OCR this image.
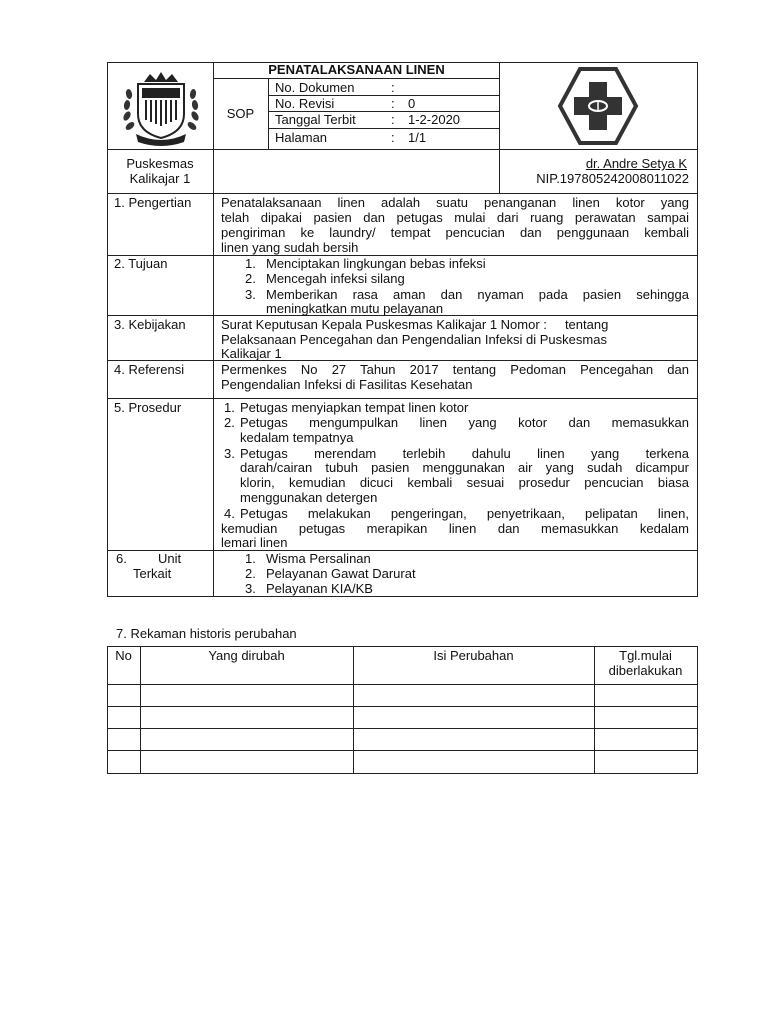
PENATALAKSANAAN LINEN
SOP
No. Dokumen	:
No. Revisi	: 0
Tanggal Terbit	: 1-2-2020
Halaman	: 1/1
Puskesmas
Kalikajar 1
dr. Andre Setya K
NIP.197805242008011022
1. Pengertian Penatalaksanaan linen adalah suatu penanganan linen kotor yang
telah dipakai pasien dan petugas mulai dari ruang perawatan sampai
pengiriman ke laundry/ tempat pencucian dan penggunaan kembali
linen yang sudah bersih
2. Tujuan	1. Menciptakan lingkungan bebas infeksi
2. Mencegah infeksi silang
3. Memberikan rasa aman dan nyaman pada pasien sehingga
meningkatkan mutu pelayanan
3. Kebijakan	Surat Keputusan Kepala Puskesmas Kalikajar 1 Nomor :     tentang
Pelaksanaan Pencegahan dan Pengendalian Infeksi di Puskesmas
Kalikajar 1
4. Referensi	Permenkes No 27 Tahun 2017 tentang Pedoman Pencegahan dan
Pengendalian Infeksi di Fasilitas Kesehatan
5. Prosedur	1. Petugas menyiapkan tempat linen kotor
2. Petugas mengumpulkan linen yang kotor dan memasukkan
kedalam tempatnya
3. Petugas merendam terlebih dahulu linen yang terkena
darah/cairan tubuh pasien menggunakan air yang sudah dicampur
klorin, kemudian dicuci kembali sesuai prosedur pencucian biasa
menggunakan detergen
4. Petugas melakukan pengeringan, penyetrikaan, pelipatan linen,
kemudian petugas merapikan linen dan memasukkan kedalam
lemari linen
6. Unit
Terkait
1. Wisma Persalinan
2. Pelayanan Gawat Darurat
3. Pelayanan KIA/KB
7. Rekaman historis perubahan
No	Yang dirubah	Isi Perubahan	Tgl.mulai
diberlakukan
